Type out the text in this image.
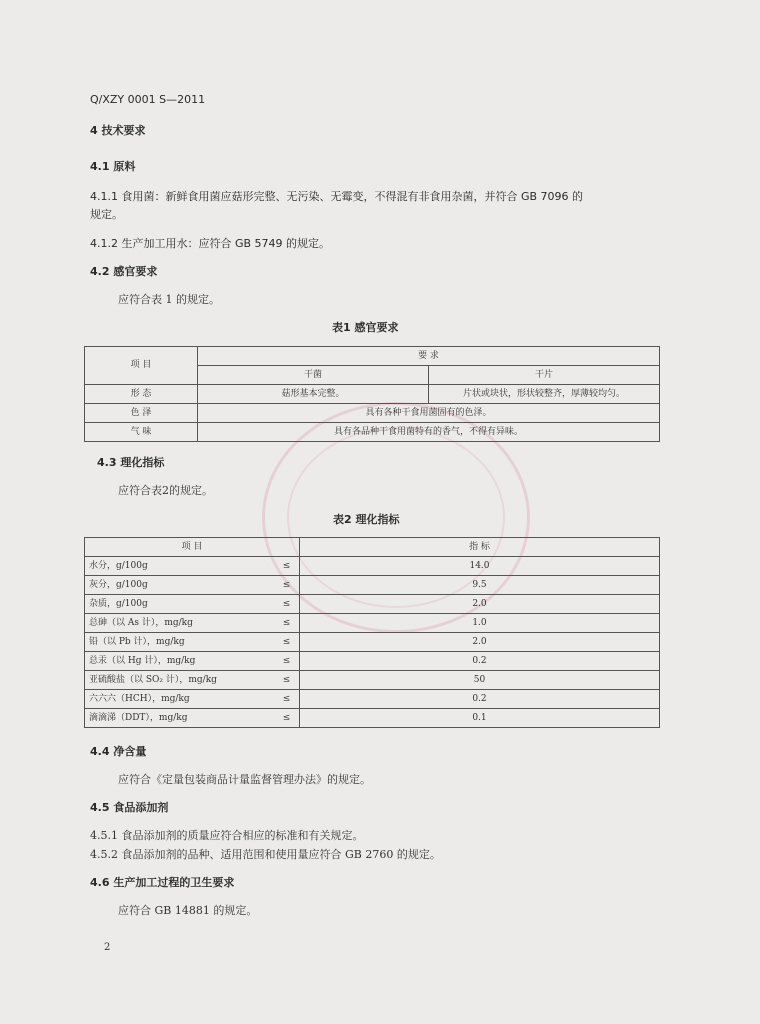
Q/XZY 0001 S—2011
4 技术要求
4.1 原料
4.1.1 食用菌：新鲜食用菌应菇形完整、无污染、无霉变，不得混有非食用杂菌，并符合 GB 7096 的
规定。
4.1.2 生产加工用水：应符合 GB 5749 的规定。
4.2 感官要求
应符合表 1 的规定。
表1 感官要求
项 目	要 求	
	干菌	干片
形 态	菇形基本完整。	片状或块状，形状较整齐，厚薄较均匀。
色 泽	具有各种干食用菌固有的色泽。	
气 味	具有各品种干食用菌特有的香气，不得有异味。	
4.3 理化指标
应符合表2的规定。
表2 理化指标
项 目		指 标
水分，g/100g	≤	14.0
灰分，g/100g	≤	9.5
杂质，g/100g	≤	2.0
总砷（以 As 计），mg/kg	≤	1.0
铅（以 Pb 计），mg/kg	≤	2.0
总汞（以 Hg 计），mg/kg	≤	0.2
亚硫酸盐（以 SO₂ 计），mg/kg	≤	50
六六六（HCH），mg/kg	≤	0.2
滴滴涕（DDT），mg/kg	≤	0.1
4.4 净含量
应符合《定量包装商品计量监督管理办法》的规定。
4.5 食品添加剂
4.5.1 食品添加剂的质量应符合相应的标准和有关规定。
4.5.2 食品添加剂的品种、适用范围和使用量应符合 GB 2760 的规定。
4.6 生产加工过程的卫生要求
应符合 GB 14881 的规定。
2
